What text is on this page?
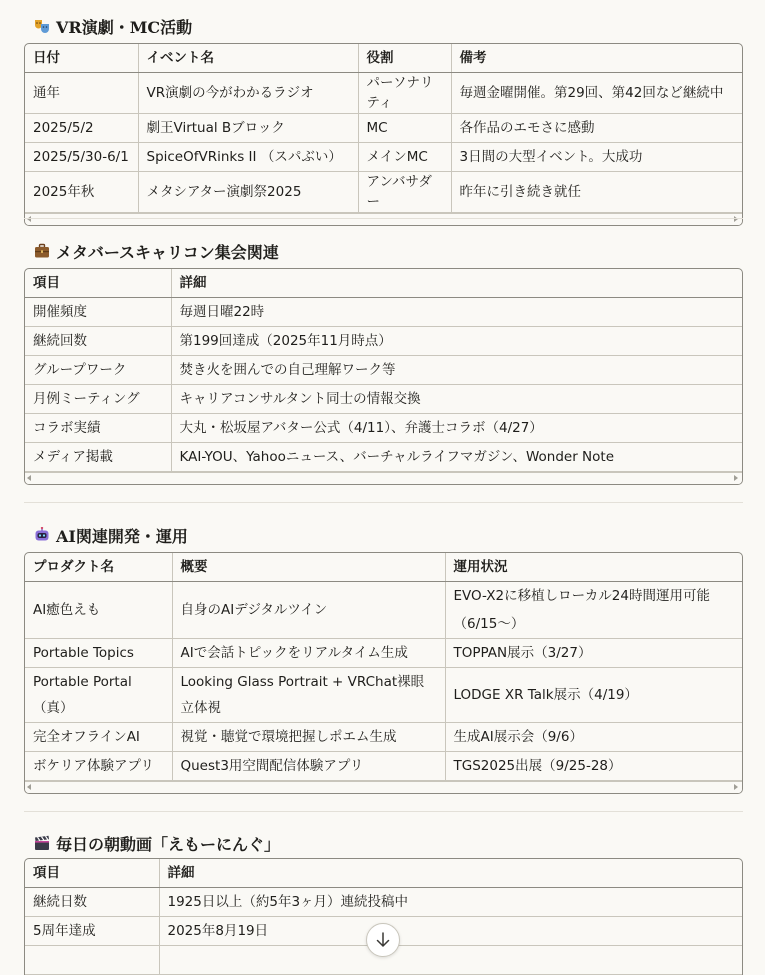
VR演劇・MC活動
日付	イベント名	役割	備考
通年	VR演劇の今がわかるラジオ	パーソナリティ	毎週金曜開催。第29回、第42回など継続中
2025/5/2	劇王Virtual Bブロック	MC	各作品のエモさに感動
2025/5/30-6/1	SpiceOfVRinks II （スパぶい）	メインMC	3日間の大型イベント。大成功
2025年秋	メタシアター演劇祭2025	アンバサダー	昨年に引き続き就任
メタバースキャリコン集会関連
項目	詳細
開催頻度	毎週日曜22時
継続回数	第199回達成（2025年11月時点）
グループワーク	焚き火を囲んでの自己理解ワーク等
月例ミーティング	キャリアコンサルタント同士の情報交換
コラボ実績	大丸・松坂屋アバター公式（4/11）、弁護士コラボ（4/27）
メディア掲載	KAI-YOU、Yahooニュース、バーチャルライフマガジン、Wonder Note
AI関連開発・運用
プロダクト名	概要	運用状況
AI癒色えも	自身のAIデジタルツイン	EVO-X2に移植しローカル24時間運用可能（6/15〜）
Portable Topics	AIで会話トピックをリアルタイム生成	TOPPAN展示（3/27）
Portable Portal（真）	Looking Glass Portrait + VRChat裸眼立体視	LODGE XR Talk展示（4/19）
完全オフラインAI	視覚・聴覚で環境把握しポエム生成	生成AI展示会（9/6）
ボケリア体験アプリ	Quest3用空間配信体験アプリ	TGS2025出展（9/25-28）
毎日の朝動画「えもーにんぐ」
項目	詳細
継続日数	1925日以上（約5年3ヶ月）連続投稿中
5周年達成	2025年8月19日
